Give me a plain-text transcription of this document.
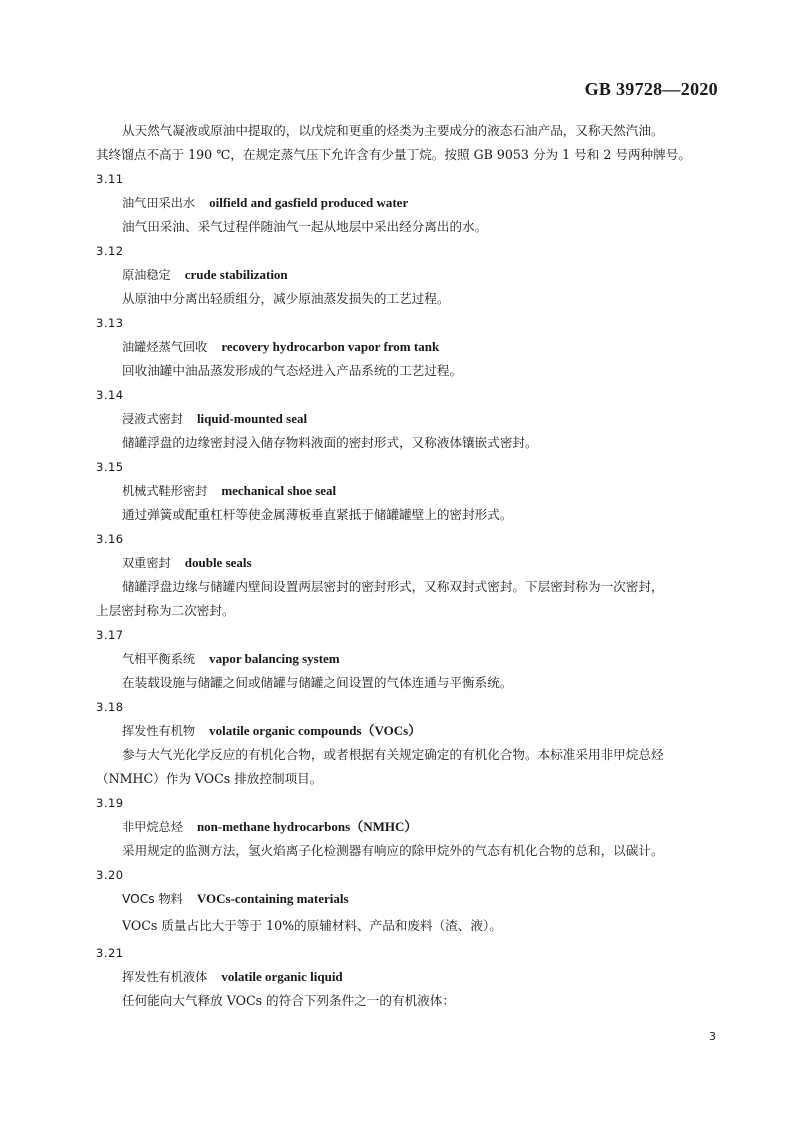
GB 39728—2020

从天然气凝液或原油中提取的，以戊烷和更重的烃类为主要成分的液态石油产品，又称天然汽油。

其终馏点不高于 190 ℃，在规定蒸气压下允许含有少量丁烷。按照 GB 9053 分为 1 号和 2 号两种牌号。

3.11

油气田采出水 oilfield and gasfield produced water

油气田采油、采气过程伴随油气一起从地层中采出经分离出的水。

3.12

原油稳定 crude stabilization

从原油中分离出轻质组分，减少原油蒸发损失的工艺过程。

3.13

油罐烃蒸气回收 recovery hydrocarbon vapor from tank

回收油罐中油品蒸发形成的气态烃进入产品系统的工艺过程。

3.14

浸液式密封 liquid-mounted seal

储罐浮盘的边缘密封浸入储存物料液面的密封形式，又称液体镶嵌式密封。

3.15

机械式鞋形密封 mechanical shoe seal

通过弹簧或配重杠杆等使金属薄板垂直紧抵于储罐罐壁上的密封形式。

3.16

双重密封 double seals

储罐浮盘边缘与储罐内壁间设置两层密封的密封形式，又称双封式密封。下层密封称为一次密封，

上层密封称为二次密封。

3.17

气相平衡系统 vapor balancing system

在装载设施与储罐之间或储罐与储罐之间设置的气体连通与平衡系统。

3.18

挥发性有机物 volatile organic compounds（VOCs）

参与大气光化学反应的有机化合物，或者根据有关规定确定的有机化合物。本标准采用非甲烷总烃

（NMHC）作为 VOCs 排放控制项目。

3.19

非甲烷总烃 non-methane hydrocarbons（NMHC）

采用规定的监测方法，氢火焰离子化检测器有响应的除甲烷外的气态有机化合物的总和，以碳计。

3.20

VOCs 物料 VOCs-containing materials

VOCs 质量占比大于等于 10%的原辅材料、产品和废料（渣、液）。

3.21

挥发性有机液体 volatile organic liquid

任何能向大气释放 VOCs 的符合下列条件之一的有机液体：

3
